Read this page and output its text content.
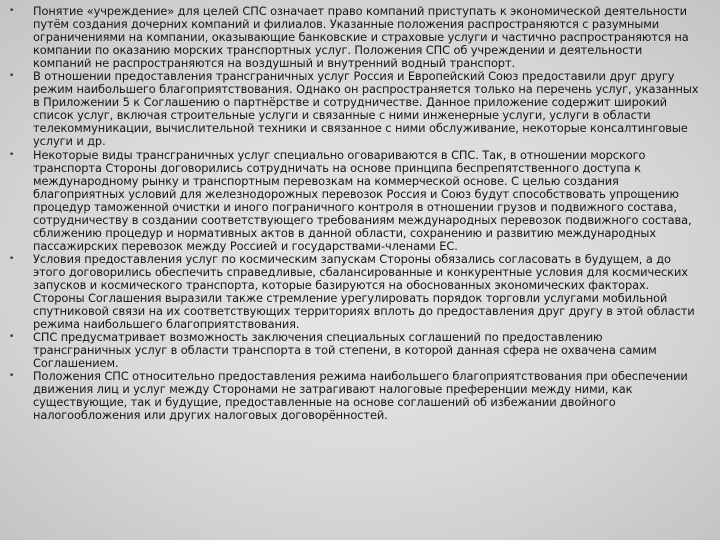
• Понятие «учреждение» для целей СПС означает право компаний приступать к экономической деятельности путём создания дочерних компаний и филиалов. Указанные положения распространяются с разумными ограничениями на компании, оказывающие банковские и страховые услуги и частично распространяются на компании по оказанию морских транспортных услуг. Положения СПС об учреждении и деятельности компаний не распространяются на воздушный и внутренний водный транспорт.
• В отношении предоставления трансграничных услуг Россия и Европейский Союз предоставили друг другу режим наибольшего благоприятствования. Однако он распространяется только на перечень услуг, указанных в Приложении 5 к Соглашению о партнёрстве и сотрудничестве. Данное приложение содержит широкий список услуг, включая строительные услуги и связанные с ними инженерные услуги, услуги в области телекоммуникации, вычислительной техники и связанное с ними обслуживание, некоторые консалтинговые услуги и др.
• Некоторые виды трансграничных услуг специально оговариваются в СПС. Так, в отношении морского транспорта Стороны договорились сотрудничать на основе принципа беспрепятственного доступа к международному рынку и транспортным перевозкам на коммерческой основе. С целью создания благоприятных условий для железнодорожных перевозок Россия и Союз будут способствовать упрощению процедур таможенной очистки и иного пограничного контроля в отношении грузов и подвижного состава, сотрудничеству в создании соответствующего требованиям международных перевозок подвижного состава, сближению процедур и нормативных актов в данной области, сохранению и развитию международных пассажирских перевозок между Россией и государствами-членами ЕС.
• Условия предоставления услуг по космическим запускам Стороны обязались согласовать в будущем, а до этого договорились обеспечить справедливые, сбалансированные и конкурентные условия для космических запусков и космического транспорта, которые базируются на обоснованных экономических факторах. Стороны Соглашения выразили также стремление урегулировать порядок торговли услугами мобильной спутниковой связи на их соответствующих территориях вплоть до предоставления друг другу в этой области режима наибольшего благоприятствования.
• СПС предусматривает возможность заключения специальных соглашений по предоставлению трансграничных услуг в области транспорта в той степени, в которой данная сфера не охвачена самим Соглашением.
• Положения СПС относительно предоставления режима наибольшего благоприятствования при обеспечении движения лиц и услуг между Сторонами не затрагивают налоговые преференции между ними, как существующие, так и будущие, предоставленные на основе соглашений об избежании двойного налогообложения или других налоговых договорённостей.
